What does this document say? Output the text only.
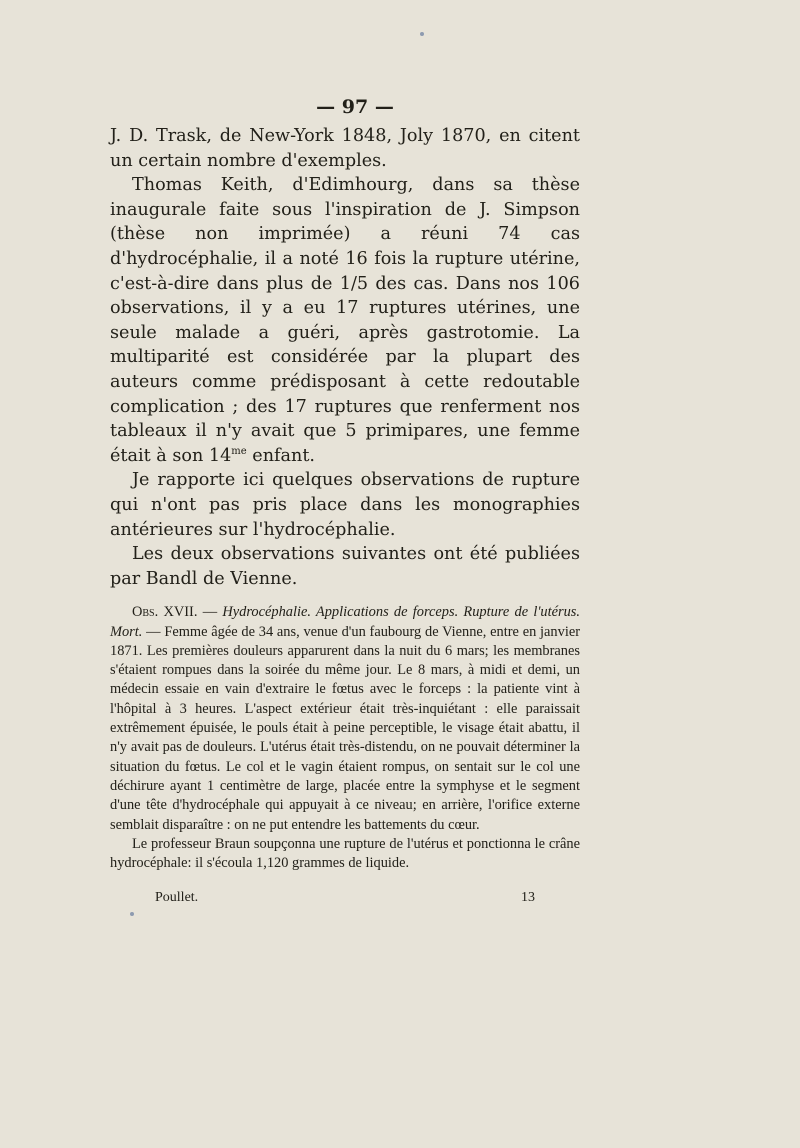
— 97 —

J. D. Trask, de New-York 1848, Joly 1870, en citent un certain nombre d'exemples.

Thomas Keith, d'Edimhourg, dans sa thèse inaugurale faite sous l'inspiration de J. Simpson (thèse non imprimée) a réuni 74 cas d'hydrocéphalie, il a noté 16 fois la rupture utérine, c'est-à-dire dans plus de 1/5 des cas. Dans nos 106 observations, il y a eu 17 ruptures utérines, une seule malade a guéri, après gastrotomie. La multiparité est considérée par la plupart des auteurs comme prédisposant à cette redoutable complication ; des 17 ruptures que renferment nos tableaux il n'y avait que 5 primipares, une femme était à son $14^{me}$ enfant.

Je rapporte ici quelques observations de rupture qui n'ont pas pris place dans les monographies antérieures sur l'hydrocéphalie.

Les deux observations suivantes ont été publiées par Bandl de Vienne.

Obs. XVII. — Hydrocéphalie. Applications de forceps. Rupture de l'utérus. Mort. — Femme âgée de 34 ans, venue d'un faubourg de Vienne, entre en janvier 1871. Les premières douleurs apparurent dans la nuit du 6 mars; les membranes s'étaient rompues dans la soirée du même jour. Le 8 mars, à midi et demi, un médecin essaie en vain d'extraire le fœtus avec le forceps : la patiente vint à l'hôpital à 3 heures. L'aspect extérieur était très-inquiétant : elle paraissait extrêmement épuisée, le pouls était à peine perceptible, le visage était abattu, il n'y avait pas de douleurs. L'utérus était très-distendu, on ne pouvait déterminer la situation du fœtus. Le col et le vagin étaient rompus, on sentait sur le col une déchirure ayant 1 centimètre de large, placée entre la symphyse et le segment d'une tête d'hydrocéphale qui appuyait à ce niveau; en arrière, l'orifice externe semblait disparaître : on ne put entendre les battements du cœur.

Le professeur Braun soupçonna une rupture de l'utérus et ponctionna le crâne hydrocéphale: il s'écoula 1,120 grammes de liquide.

Poullet.	13
